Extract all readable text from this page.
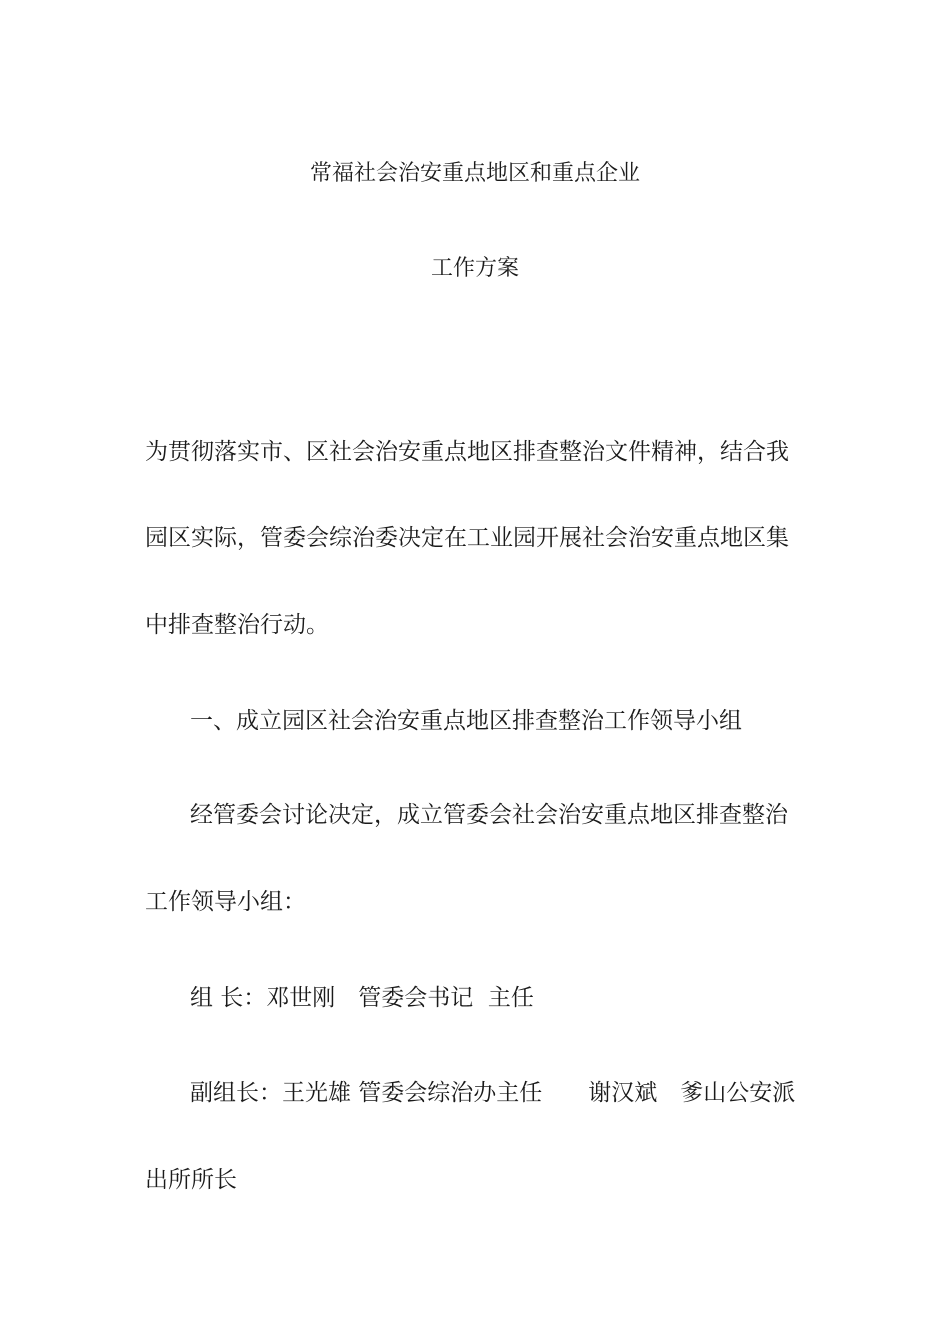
常福社会治安重点地区和重点企业
工作方案
为贯彻落实市、区社会治安重点地区排查整治文件精神，结合我
园区实际，管委会综治委决定在工业园开展社会治安重点地区集
中排查整治行动。
一、成立园区社会治安重点地区排查整治工作领导小组
经管委会讨论决定，成立管委会社会治安重点地区排查整治
工作领导小组：
组 长：邓世刚　管委会书记  主任
副组长：王光雄 管委会综治办主任　　谢汉斌　爹山公安派
出所所长
